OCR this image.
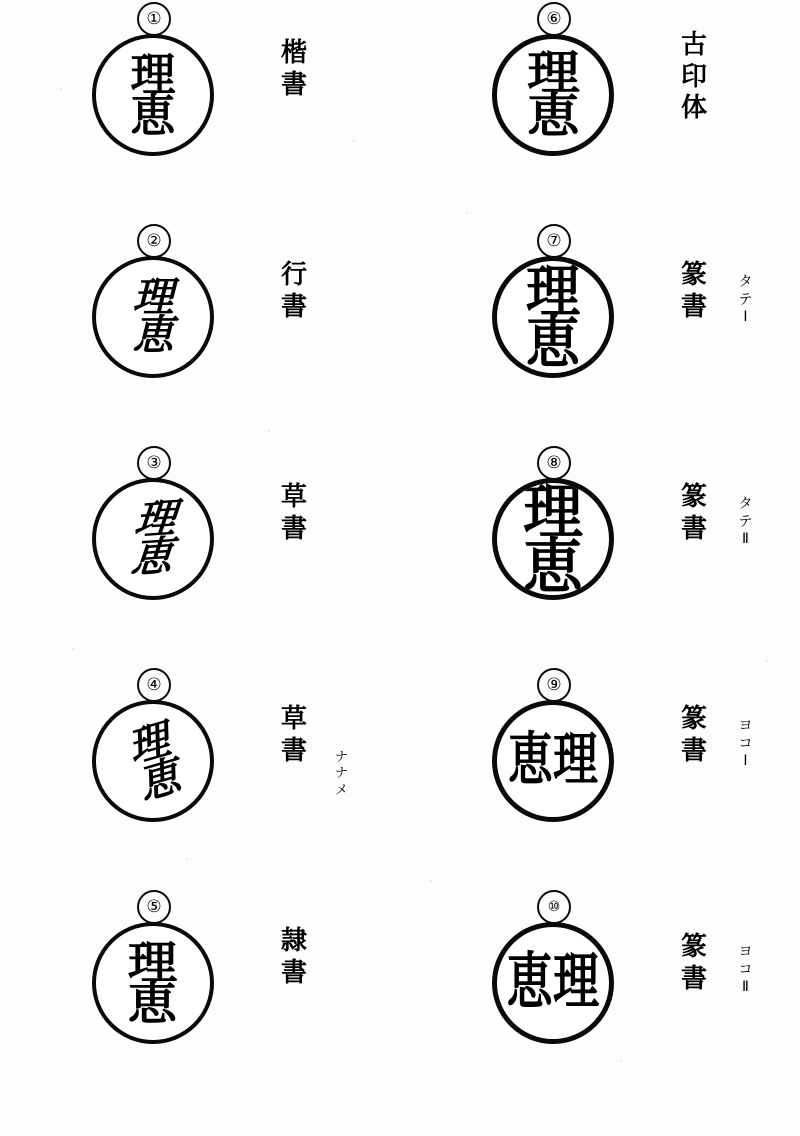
①
理
恵
楷
書
②
理
恵
行
書
③
理
恵
草
書
④
理
恵
草
書	ナ
ナ
メ
⑤
理
恵
隷
書
⑥
理
恵
古
印
体
⑦
理
恵
篆
書
タ
テ
Ⅰ
⑧
理
恵
篆
書
タ
テ
Ⅱ
⑨
恵 理
篆
書
ヨ
コ
Ⅰ
⑩
恵 理	篆
書
ヨ
コ
Ⅱ
